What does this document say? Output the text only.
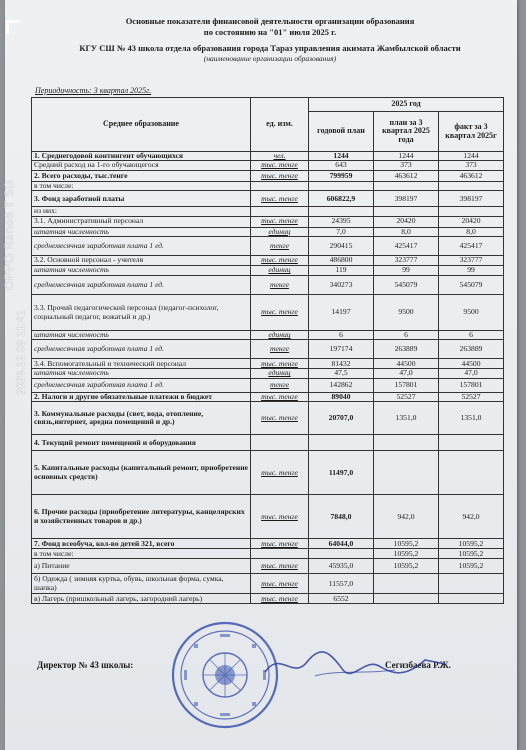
Основные показатели финансовой деятельности организации образования
по состоянию на "01" июля 2025 г.
КГУ СШ № 43 школа отдела образования города Тараз управления акимата Жамбылской области
(наименование организации образования)
Периодичность: 3 квартал 2025г.
Среднее образование	ед. изм.	2025 год		
		годовой план	план за 3 квартал 2025 года	факт за 3 квартал 2025г
1. Среднегодовой контингент обучающихся	чел.	1244	1244	1244
Средний расход на 1-го обучающегося	тыс. тенге	643	373	373
2. Всего расходы, тыс.тенге	тыс. тенге	799959	463612	463612
в том числе:				
3. Фонд заработной платы	тыс. тенге	606822,9	398197	398197
из них:				
3.1. Административный персонал	тыс. тенге	24395	20420	20420
штатная численность	единиц	7,0	8,0	8,0
среднемесячная заработная плата 1 ед.	тенге	290415	425417	425417
3.2. Основной персонал - учителя	тыс. тенге	486800	323777	323777
штатная численность	единиц	119	99	99
среднемесячная заработная плата 1 ед.	тенге	340273	545079	545079
3.3. Прочий педагогический персонал (педагог-психолог, социальный педагог, вожатый и др.)	тыс. тенге	14197	9500	9500
штатная численность	единиц	6	6	6
среднемесячная заработная плата 1 ед.	тенге	197174	263889	263889
3.4. Вспомогательный и технический персонал	тыс. тенге	81432	44500	44500
штатная численность	единиц	47,5	47,0	47,0
среднемесячная заработная плата 1 ед.	тенге	142862	157801	157801
2. Налоги и другие обязательные платежи в бюджет	тыс. тенге	89040	52527	52527
3. Коммунальные расходы (свет, вода, отопление, связь,интернет, аредна помещений и др.)	тыс. тенге	20707,0	1351,0	1351,0
4. Текущий ремонт помещений и оборудования				
5. Капитальные расходы (капитальный ремонт, приобретение основных средств)	тыс. тенге	11497,0		
6. Прочие расходы (приобретение литературы, канцелярских и хозяйственных товаров и др.)	тыс. тенге	7848,0	942,0	942,0
7. Фонд всеобуча, кол-во детей 321, всего	тыс. тенге	64044,0	10595,2	10595,2
в том числе:			10595,2	10595,2
а) Питание	тыс. тенге	45935,0	10595,2	10595,2
б) Одежда ( зимняя куртка, обувь, школьная форма, сумка, шапка)	тыс. тенге	11557,0		
в) Лагерь (пришкольный лагерь, загородний лагерь)	тыс. тенге	6552		
Директор № 43 школы:	Сегизбаева Р.Ж.
OPPO Reno8 T 5G
2025.12.09 11:41
